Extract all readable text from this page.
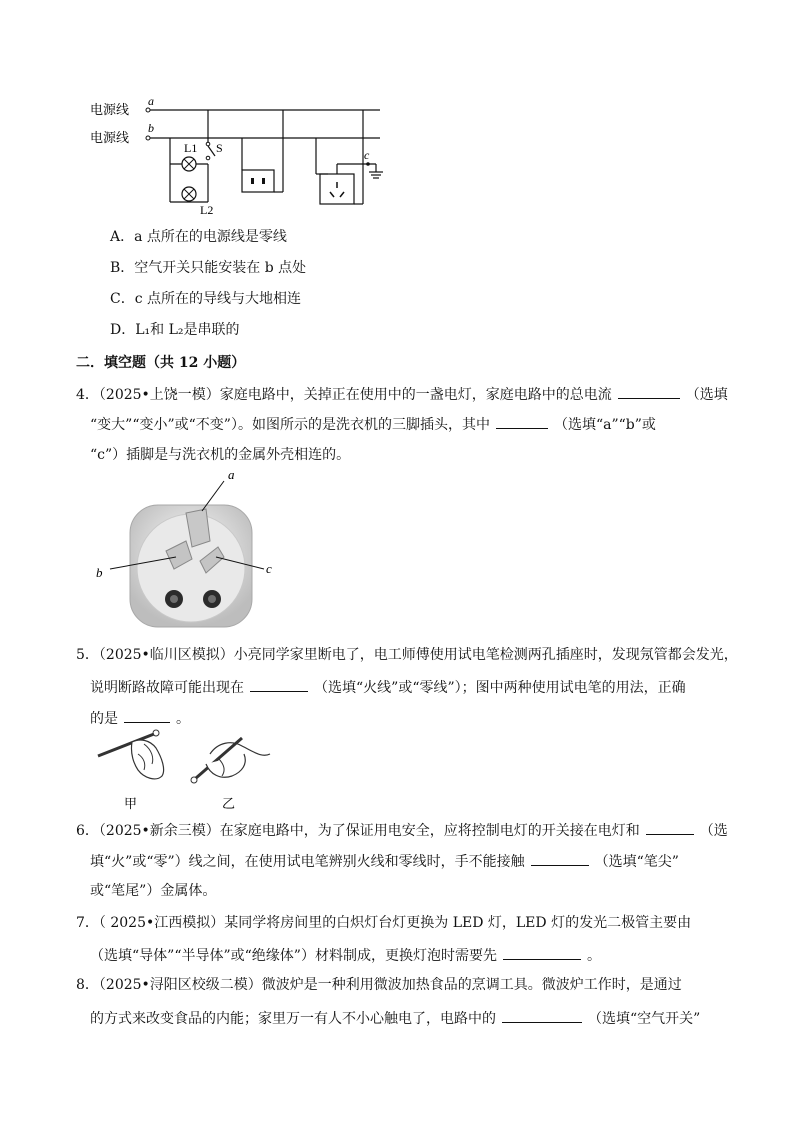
电源线
电源线
a
b
L1
L2
S	c
A．a 点所在的电源线是零线
B．空气开关只能安装在 b 点处
C．c 点所在的导线与大地相连
D．L₁和 L₂是串联的
二．填空题（共 12 小题）
4．（2025•上饶一模）家庭电路中，关掉正在使用中的一盏电灯，家庭电路中的总电流	（选填
“变大”“变小”或“不变”）。如图所示的是洗衣机的三脚插头，其中	（选填“a”“b”或
“c”）插脚是与洗衣机的金属外壳相连的。
a
b	c
5．（2025•临川区模拟）小亮同学家里断电了，电工师傅使用试电笔检测两孔插座时，发现氖管都会发光，
说明断路故障可能出现在	（选填“火线”或“零线”）；图中两种使用试电笔的用法，正确
的是	。
甲	乙
6．（2025•新余三模）在家庭电路中，为了保证用电安全，应将控制电灯的开关接在电灯和	（选
填“火”或“零”）线之间，在使用试电笔辨别火线和零线时，手不能接触	（选填“笔尖”
或“笔尾”）金属体。
7．（ 2025•江西模拟）某同学将房间里的白炽灯台灯更换为 LED 灯，LED 灯的发光二极管主要由
（选填“导体”“半导体”或“绝缘体”）材料制成，更换灯泡时需要先	。
8．（2025•浔阳区校级二模）微波炉是一种利用微波加热食品的烹调工具。微波炉工作时，是通过
的方式来改变食品的内能；家里万一有人不小心触电了，电路中的	（选填“空气开关”
